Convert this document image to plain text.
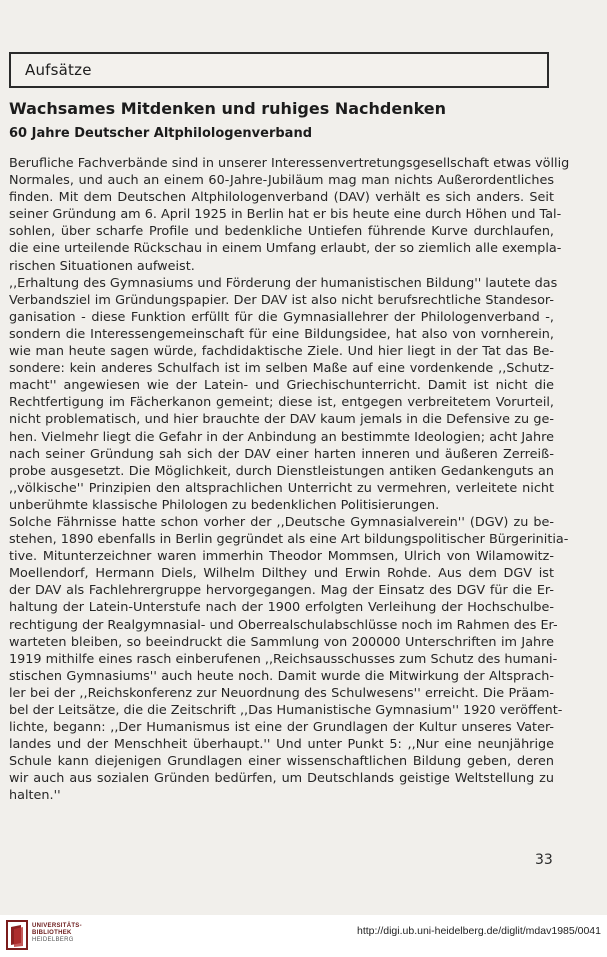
Aufsätze
Wachsames Mitdenken und ruhiges Nachdenken
60 Jahre Deutscher Altphilologenverband
Berufliche Fachverbände sind in unserer Interessenvertretungsgesellschaft etwas völlig
Normales, und auch an einem 60-Jahre-Jubiläum mag man nichts Außerordentliches
finden. Mit dem Deutschen Altphilologenverband (DAV) verhält es sich anders. Seit
seiner Gründung am 6. April 1925 in Berlin hat er bis heute eine durch Höhen und Tal-
sohlen, über scharfe Profile und bedenkliche Untiefen führende Kurve durchlaufen,
die eine urteilende Rückschau in einem Umfang erlaubt, der so ziemlich alle exempla-
rischen Situationen aufweist.
,,Erhaltung des Gymnasiums und Förderung der humanistischen Bildung'' lautete das
Verbandsziel im Gründungspapier. Der DAV ist also nicht berufsrechtliche Standesor-
ganisation - diese Funktion erfüllt für die Gymnasiallehrer der Philologenverband -,
sondern die Interessengemeinschaft für eine Bildungsidee, hat also von vornherein,
wie man heute sagen würde, fachdidaktische Ziele. Und hier liegt in der Tat das Be-
sondere: kein anderes Schulfach ist im selben Maße auf eine vordenkende ,,Schutz-
macht'' angewiesen wie der Latein- und Griechischunterricht. Damit ist nicht die
Rechtfertigung im Fächerkanon gemeint; diese ist, entgegen verbreitetem Vorurteil,
nicht problematisch, und hier brauchte der DAV kaum jemals in die Defensive zu ge-
hen. Vielmehr liegt die Gefahr in der Anbindung an bestimmte Ideologien; acht Jahre
nach seiner Gründung sah sich der DAV einer harten inneren und äußeren Zerreiß-
probe ausgesetzt. Die Möglichkeit, durch Dienstleistungen antiken Gedankenguts an
,,völkische'' Prinzipien den altsprachlichen Unterricht zu vermehren, verleitete nicht
unberühmte klassische Philologen zu bedenklichen Politisierungen.
Solche Fährnisse hatte schon vorher der ,,Deutsche Gymnasialverein'' (DGV) zu be-
stehen, 1890 ebenfalls in Berlin gegründet als eine Art bildungspolitischer Bürgerinitia-
tive. Mitunterzeichner waren immerhin Theodor Mommsen, Ulrich von Wilamowitz-
Moellendorf, Hermann Diels, Wilhelm Dilthey und Erwin Rohde. Aus dem DGV ist
der DAV als Fachlehrergruppe hervorgegangen. Mag der Einsatz des DGV für die Er-
haltung der Latein-Unterstufe nach der 1900 erfolgten Verleihung der Hochschulbe-
rechtigung der Realgymnasial- und Oberrealschulabschlüsse noch im Rahmen des Er-
warteten bleiben, so beeindruckt die Sammlung von 200000 Unterschriften im Jahre
1919 mithilfe eines rasch einberufenen ,,Reichsausschusses zum Schutz des humani-
stischen Gymnasiums'' auch heute noch. Damit wurde die Mitwirkung der Altsprach-
ler bei der ,,Reichskonferenz zur Neuordnung des Schulwesens'' erreicht. Die Präam-
bel der Leitsätze, die die Zeitschrift ,,Das Humanistische Gymnasium'' 1920 veröffent-
lichte, begann: ,,Der Humanismus ist eine der Grundlagen der Kultur unseres Vater-
landes und der Menschheit überhaupt.'' Und unter Punkt 5: ,,Nur eine neunjährige
Schule kann diejenigen Grundlagen einer wissenschaftlichen Bildung geben, deren
wir auch aus sozialen Gründen bedürfen, um Deutschlands geistige Weltstellung zu
halten.''
33
UNIVERSITÄTS-
BIBLIOTHEK
HEIDELBERG
http://digi.ub.uni-heidelberg.de/diglit/mdav1985/0041
